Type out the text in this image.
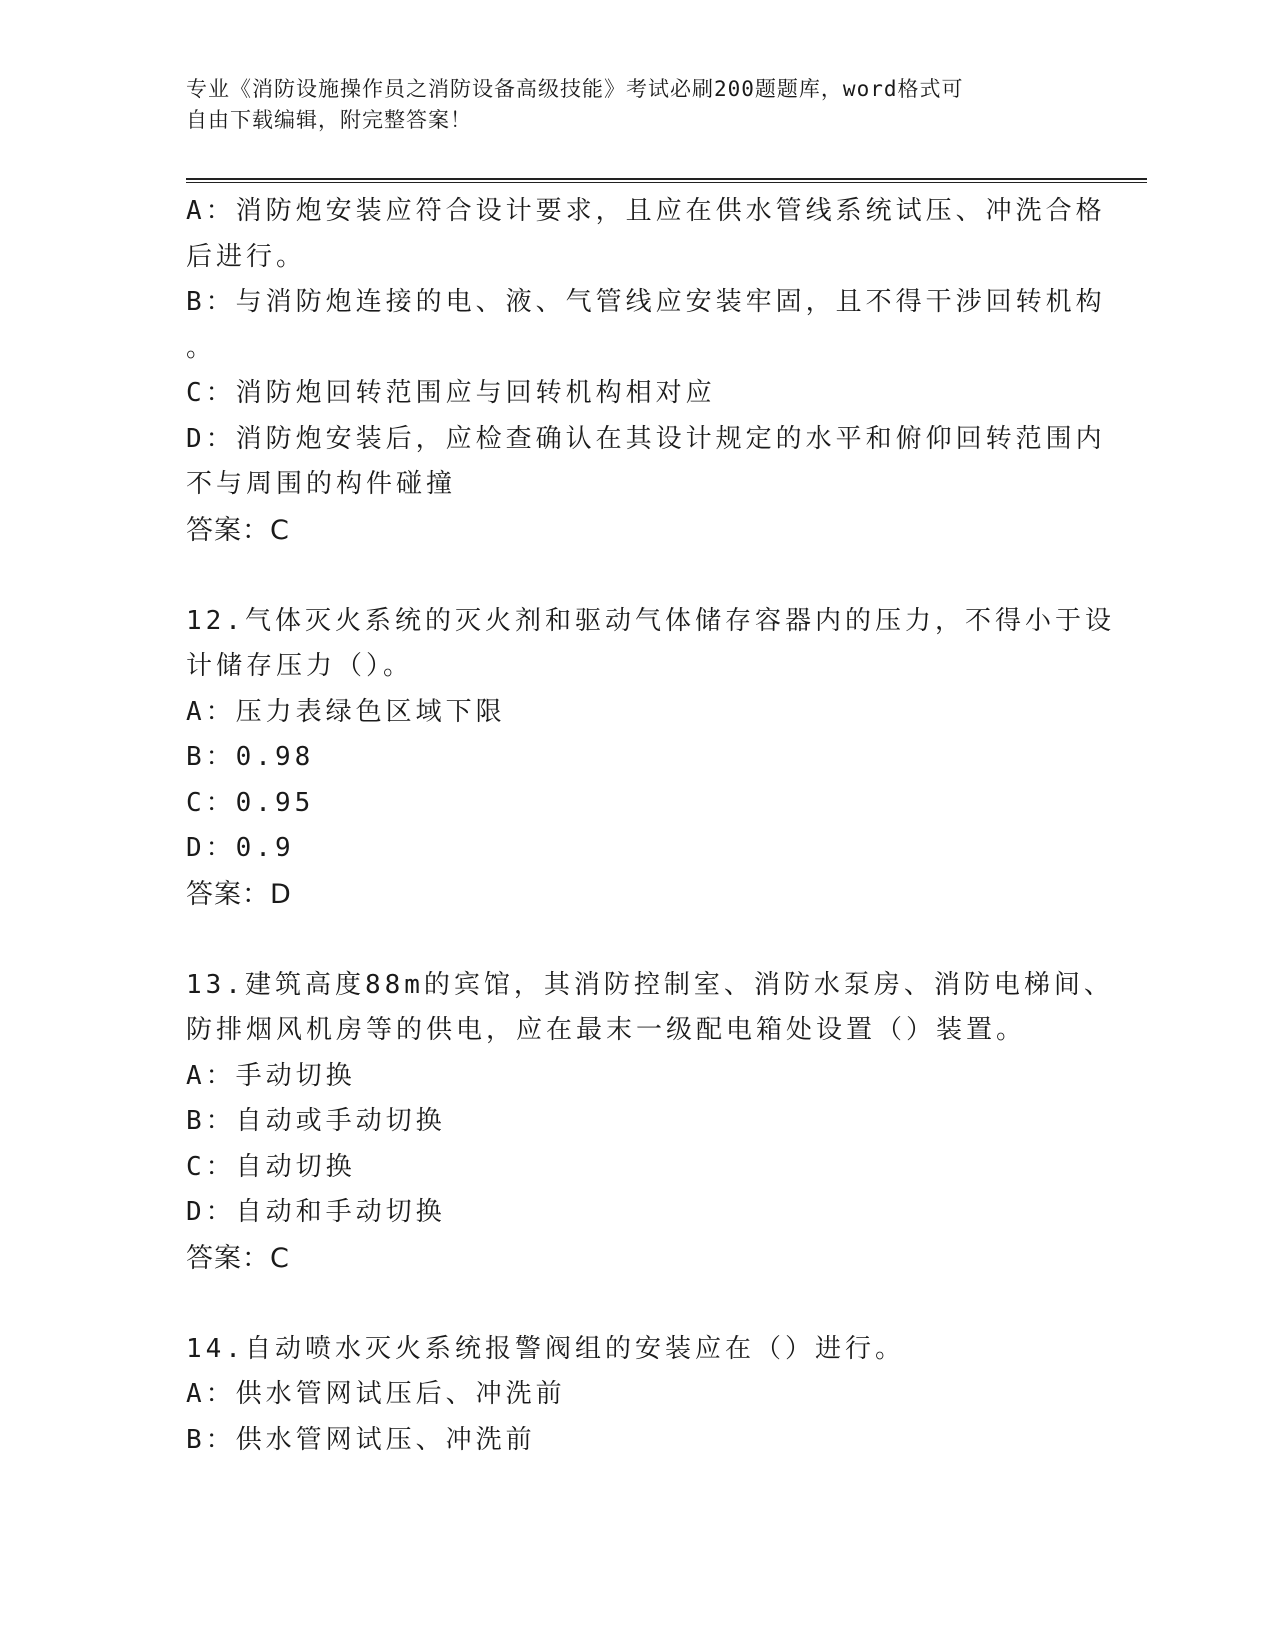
专业《消防设施操作员之消防设备高级技能》考试必刷200题题库，word格式可
自由下载编辑，附完整答案！
A：消防炮安装应符合设计要求，且应在供水管线系统试压、冲洗合格
后进行。
B：与消防炮连接的电、液、气管线应安装牢固，且不得干涉回转机构
。
C：消防炮回转范围应与回转机构相对应
D：消防炮安装后，应检查确认在其设计规定的水平和俯仰回转范围内
不与周围的构件碰撞
答案：C
12.气体灭火系统的灭火剂和驱动气体储存容器内的压力，不得小于设
计储存压力（）。
A：压力表绿色区域下限
B：0.98
C：0.95
D：0.9
答案：D
13.建筑高度88m的宾馆，其消防控制室、消防水泵房、消防电梯间、
防排烟风机房等的供电，应在最末一级配电箱处设置（）装置。
A：手动切换
B：自动或手动切换
C：自动切换
D：自动和手动切换
答案：C
14.自动喷水灭火系统报警阀组的安装应在（）进行。
A：供水管网试压后、冲洗前
B：供水管网试压、冲洗前
